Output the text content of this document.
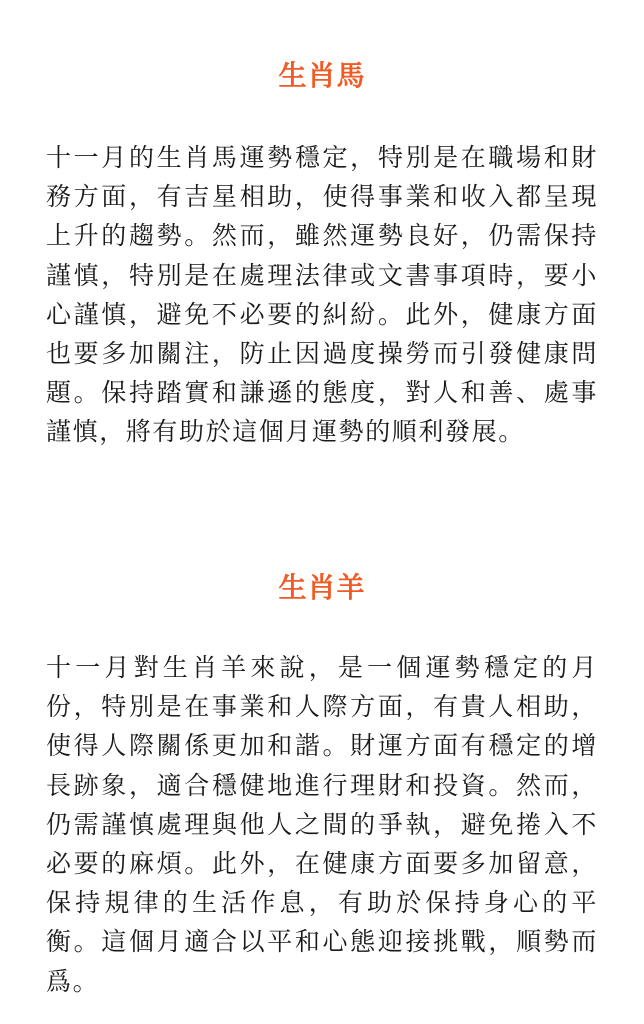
生肖馬

十一月的生肖馬運勢穩定，特別是在職場和財務方面，有吉星相助，使得事業和收入都呈現上升的趨勢。然而，雖然運勢良好，仍需保持謹慎，特別是在處理法律或文書事項時，要小心謹慎，避免不必要的糾紛。此外，健康方面也要多加關注，防止因過度操勞而引發健康問題。保持踏實和謙遜的態度，對人和善、處事謹慎，將有助於這個月運勢的順利發展。

生肖羊

十一月對生肖羊來說，是一個運勢穩定的月份，特別是在事業和人際方面，有貴人相助，使得人際關係更加和諧。財運方面有穩定的增長跡象，適合穩健地進行理財和投資。然而，仍需謹慎處理與他人之間的爭執，避免捲入不必要的麻煩。此外，在健康方面要多加留意，保持規律的生活作息，有助於保持身心的平衡。這個月適合以平和心態迎接挑戰，順勢而爲。
